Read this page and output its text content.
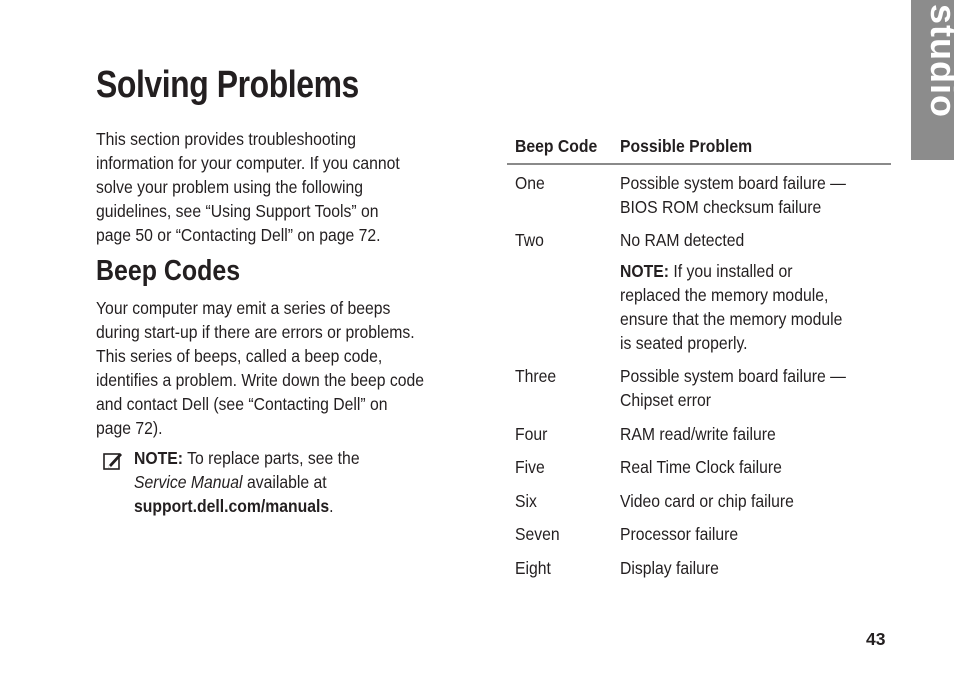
studio
Solving Problems
This section provides troubleshooting
information for your computer. If you cannot
solve your problem using the following
guidelines, see “Using Support Tools” on
page 50 or “Contacting Dell” on page 72.
Beep Codes
Your computer may emit a series of beeps
during start-up if there are errors or problems.
This series of beeps, called a beep code,
identifies a problem. Write down the beep code
and contact Dell (see “Contacting Dell” on
page 72).
NOTE: To replace parts, see the
Service Manual available at
support.dell.com/manuals.
Beep Code Possible Problem
One	Possible system board failure —
BIOS ROM checksum failure
Two	No RAM detected
NOTE: If you installed or
replaced the memory module,
ensure that the memory module
is seated properly.
Three	Possible system board failure —
Chipset error
Four	RAM read/write failure
Five	Real Time Clock failure
Six	Video card or chip failure
Seven	Processor failure
Eight	Display failure
43
